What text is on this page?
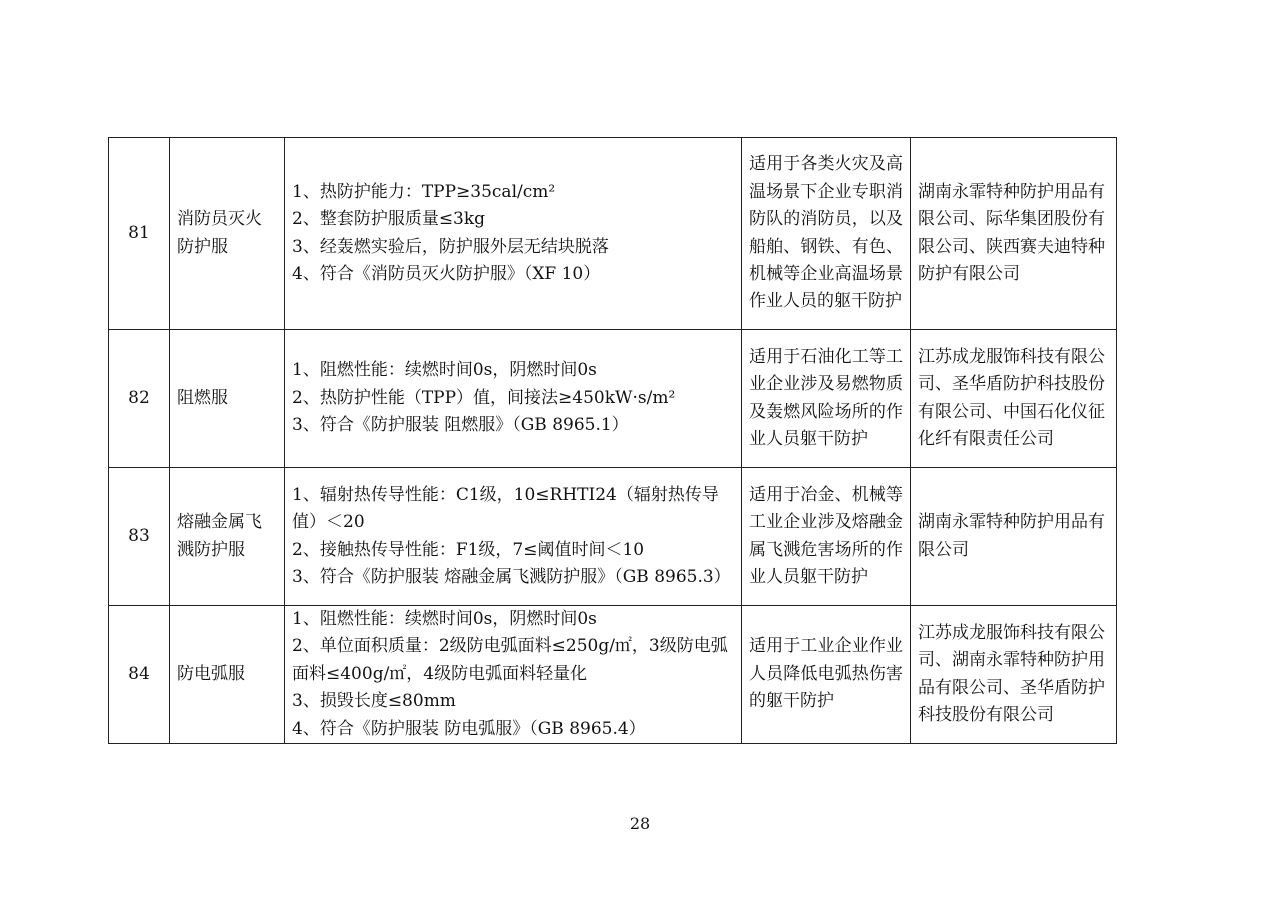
81	消防员灭火防护服	1、热防护能力：TPP≥35cal/cm²
2、整套防护服质量≤3kg
3、经轰燃实验后，防护服外层无结块脱落
4、符合《消防员灭火防护服》（XF 10）	适用于各类火灾及高温场景下企业专职消防队的消防员，以及船舶、钢铁、有色、机械等企业高温场景作业人员的躯干防护	湖南永霏特种防护用品有限公司、际华集团股份有限公司、陕西赛夫迪特种防护有限公司
82	阻燃服	1、阻燃性能：续燃时间0s，阴燃时间0s
2、热防护性能（TPP）值，间接法≥450kW·s/m²
3、符合《防护服装 阻燃服》（GB 8965.1）	适用于石油化工等工业企业涉及易燃物质及轰燃风险场所的作业人员躯干防护	江苏成龙服饰科技有限公司、圣华盾防护科技股份有限公司、中国石化仪征化纤有限责任公司
83	熔融金属飞溅防护服	1、辐射热传导性能：C1级，10≤RHTI24（辐射热传导值）＜20
2、接触热传导性能：F1级，7≤阈值时间＜10
3、符合《防护服装 熔融金属飞溅防护服》（GB 8965.3）	适用于冶金、机械等工业企业涉及熔融金属飞溅危害场所的作业人员躯干防护	湖南永霏特种防护用品有限公司
84	防电弧服	1、阻燃性能：续燃时间0s，阴燃时间0s
2、单位面积质量：2级防电弧面料≤250g/㎡，3级防电弧面料≤400g/㎡，4级防电弧面料轻量化
3、损毁长度≤80mm
4、符合《防护服装 防电弧服》（GB 8965.4）	适用于工业企业作业人员降低电弧热伤害的躯干防护	江苏成龙服饰科技有限公司、湖南永霏特种防护用品有限公司、圣华盾防护科技股份有限公司
28
